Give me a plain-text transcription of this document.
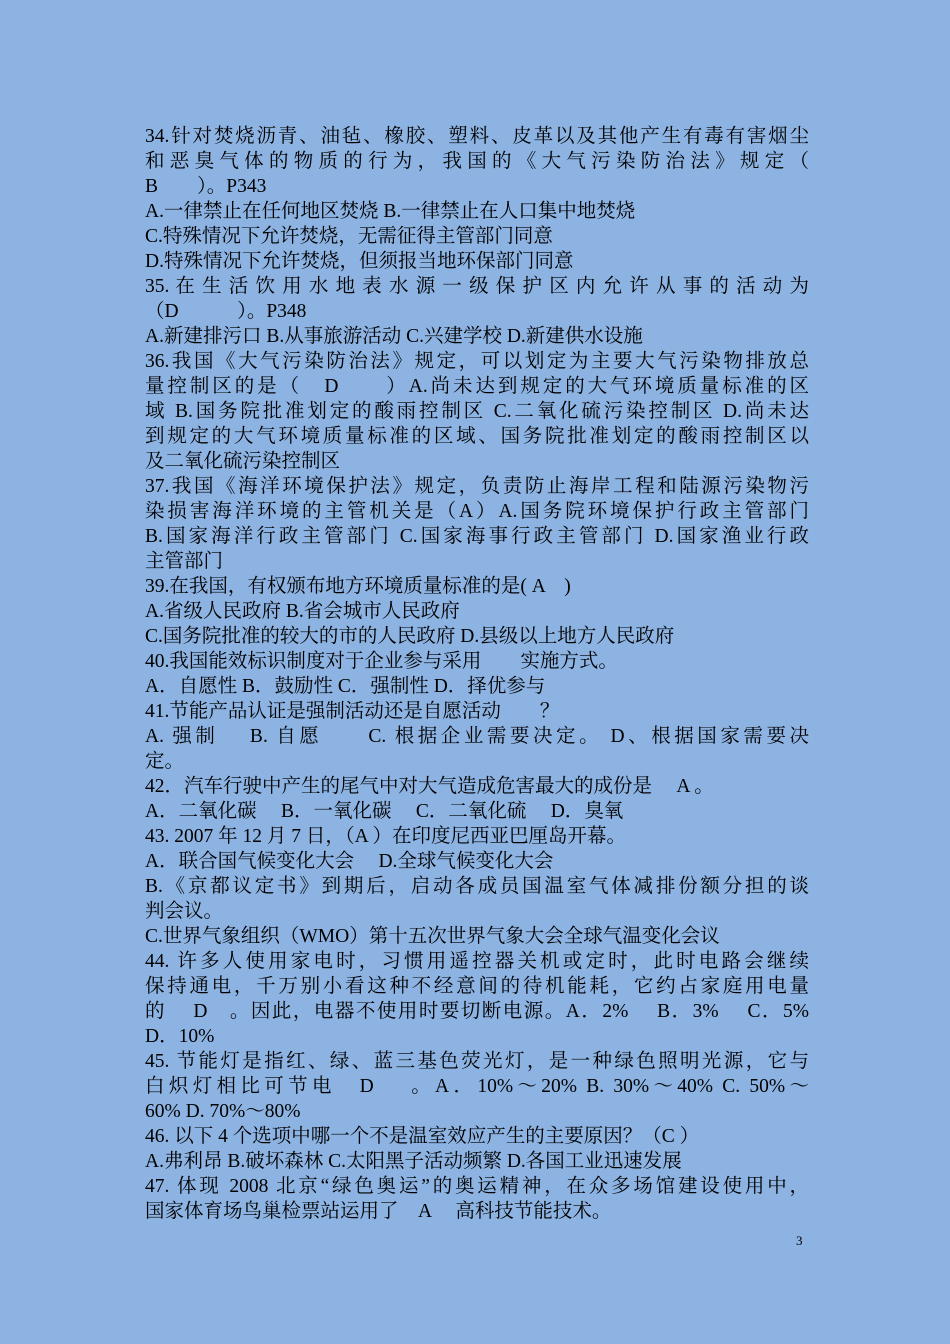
34.针对焚烧沥青、油毡、橡胶、塑料、皮革以及其他产生有毒有害烟尘
和恶臭气体的物质的行为，我国的《大气污染防治法》规定（
B　　）。P343
A.一律禁止在任何地区焚烧 B.一律禁止在人口集中地焚烧
C.特殊情况下允许焚烧，无需征得主管部门同意
D.特殊情况下允许焚烧，但须报当地环保部门同意
35. 在 生 活 饮 用 水 地 表 水 源 一 级 保 护 区 内 允 许 从 事 的 活 动 为
（D　　　）。P348
A.新建排污口 B.从事旅游活动 C.兴建学校 D.新建供水设施
36.我国《大气污染防治法》规定，可以划定为主要大气污染物排放总
量控制区的是（　D　　）A.尚未达到规定的大气环境质量标准的区
域 B.国务院批准划定的酸雨控制区 C.二氧化硫污染控制区 D.尚未达
到规定的大气环境质量标准的区域、国务院批准划定的酸雨控制区以
及二氧化硫污染控制区
37.我国《海洋环境保护法》规定，负责防止海岸工程和陆源污染物污
染损害海洋环境的主管机关是（A）A.国务院环境保护行政主管部门
B.国家海洋行政主管部门 C.国家海事行政主管部门 D.国家渔业行政
主管部门
39.在我国，有权颁布地方环境质量标准的是( A　)
A.省级人民政府 B.省会城市人民政府
C.国务院批准的较大的市的人民政府 D.县级以上地方人民政府
40.我国能效标识制度对于企业参与采用　　实施方式。
A．自愿性 B．鼓励性 C．强制性 D．择优参与
41.节能产品认证是强制活动还是自愿活动　　？
A. 强制　 B. 自愿　　C. 根据企业需要决定。 D、根据国家需要决
定。
42．汽车行驶中产生的尾气中对大气造成危害最大的成份是　 A 。
A．二氧化碳　 B．一氧化碳　 C．二氧化硫　 D．臭氧
43. 2007 年 12 月 7 日，（A ）在印度尼西亚巴厘岛开幕。
A．联合国气候变化大会　 D.全球气候变化大会
B.《京都议定书》到期后，启动各成员国温室气体减排份额分担的谈
判会议。
C.世界气象组织（WMO）第十五次世界气象大会全球气温变化会议
44. 许多人使用家电时，习惯用遥控器关机或定时，此时电路会继续
保持通电，千万别小看这种不经意间的待机能耗，它约占家庭用电量
的　 D　。因此，电器不使用时要切断电源。A．2%　 B．3%　 C．5%
D．10%
45. 节能灯是指红、绿、蓝三基色荧光灯，是一种绿色照明光源，它与
白炽灯相比可节电　D　 。A．10%～20% B. 30%～40% C. 50%～
60% D. 70%～80%
46. 以下 4 个选项中哪一个不是温室效应产生的主要原因？（C ）
A.弗利昂 B.破坏森林 C.太阳黑子活动频繁 D.各国工业迅速发展
47. 体现 2008 北京“绿色奥运”的奥运精神，在众多场馆建设使用中，
国家体育场鸟巢检票站运用了　A　 高科技节能技术。
3
